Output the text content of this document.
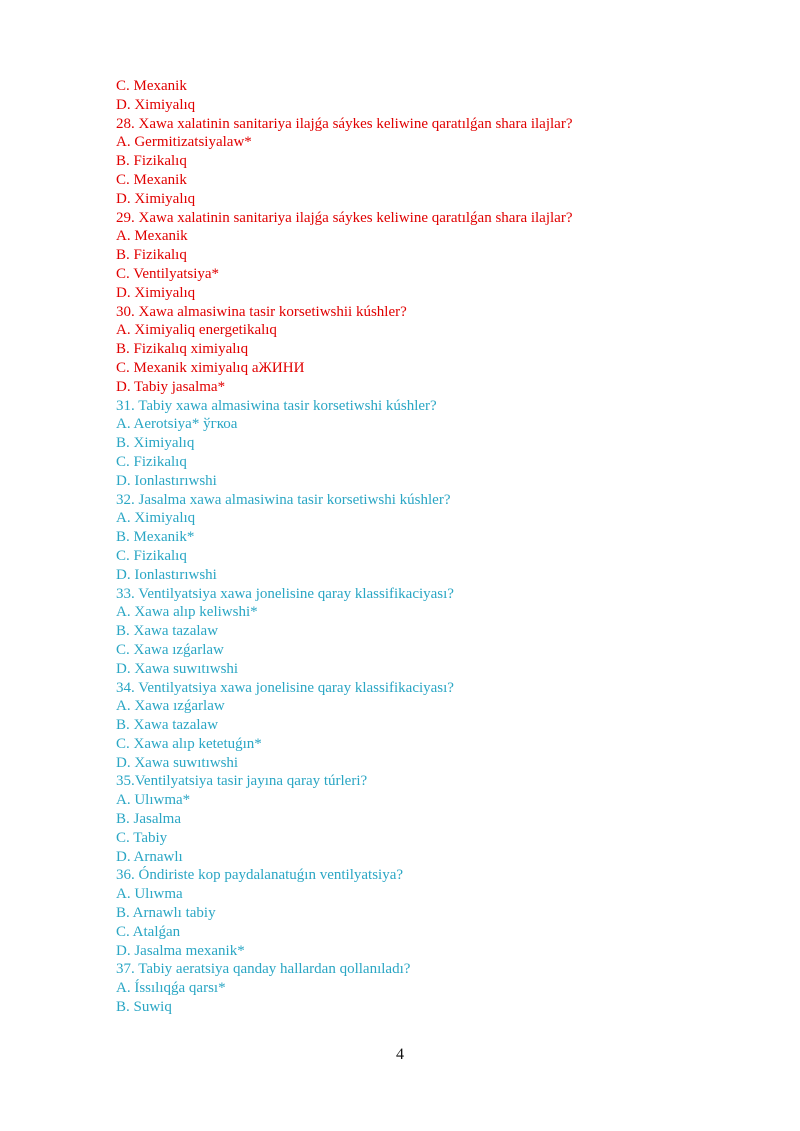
C. Mexanik
D. Ximiyalıq
28. Xawa xalatinin sanitariya ilajǵa sáykes keliwine qaratılǵan shara ilajlar?
A. Germitizatsiyalaw*
B. Fizikalıq
C. Mexanik
D. Ximiyalıq
29. Xawa xalatinin sanitariya ilajǵa sáykes keliwine qaratılǵan shara ilajlar?
A. Mexanik
B. Fizikalıq
C. Ventilyatsiya*
D. Ximiyalıq
30. Xawa almasiwina tasir korsetiwshii kúshler?
A. Ximiyaliq energetikalıq
B. Fizikalıq ximiyalıq
C. Mexanik ximiyalıq aЖИНИ
D. Tabiy jasalma*
31. Tabiy xawa almasiwina tasir korsetiwshi kúshler?
A. Aerotsiya* ўгкоа
B. Ximiyalıq
C. Fizikalıq
D. Ionlastırıwshi
32. Jasalma xawa almasiwina tasir korsetiwshi kúshler?
A. Ximiyalıq
B. Mexanik*
C. Fizikalıq
D. Ionlastırıwshi
33. Ventilyatsiya xawa jonelisine qaray klassifikaciyası?
A. Xawa alıp keliwshi*
B. Xawa tazalaw
C. Xawa ızǵarlaw
D. Xawa suwıtıwshi
34. Ventilyatsiya xawa jonelisine qaray klassifikaciyası?
A. Xawa ızǵarlaw
B. Xawa tazalaw
C. Xawa alıp ketetuǵın*
D. Xawa suwıtıwshi
35.Ventilyatsiya tasir jayına qaray túrleri?
A. Ulıwma*
B. Jasalma
C. Tabiy
D. Arnawlı
36. Óndiriste kop paydalanatuǵın ventilyatsiya?
A. Ulıwma
B. Arnawlı tabiy
C. Atalǵan
D. Jasalma mexanik*
37. Tabiy aeratsiya qanday hallardan qollanıladı?
A. Íssılıqǵa qarsı*
B. Suwiq
4
